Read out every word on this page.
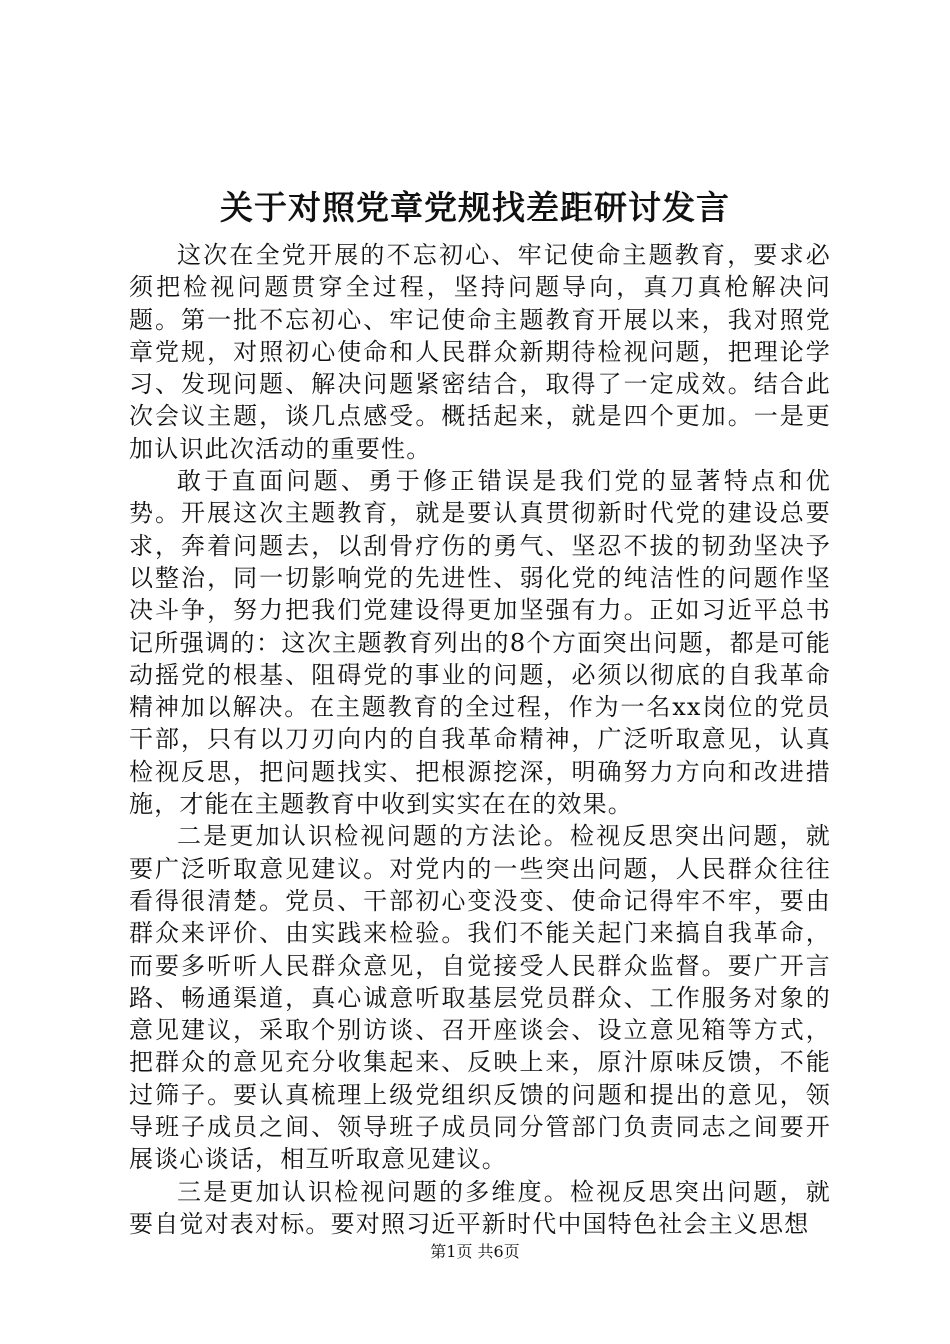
关于对照党章党规找差距研讨发言

这次在全党开展的不忘初心、牢记使命主题教育，要求必须把检视问题贯穿全过程，坚持问题导向，真刀真枪解决问题。第一批不忘初心、牢记使命主题教育开展以来，我对照党章党规，对照初心使命和人民群众新期待检视问题，把理论学习、发现问题、解决问题紧密结合，取得了一定成效。结合此次会议主题，谈几点感受。概括起来，就是四个更加。一是更加认识此次活动的重要性。

敢于直面问题、勇于修正错误是我们党的显著特点和优势。开展这次主题教育，就是要认真贯彻新时代党的建设总要求，奔着问题去，以刮骨疗伤的勇气、坚忍不拔的韧劲坚决予以整治，同一切影响党的先进性、弱化党的纯洁性的问题作坚决斗争，努力把我们党建设得更加坚强有力。正如习近平总书记所强调的：这次主题教育列出的8个方面突出问题，都是可能动摇党的根基、阻碍党的事业的问题，必须以彻底的自我革命精神加以解决。在主题教育的全过程，作为一名xx岗位的党员干部，只有以刀刃向内的自我革命精神，广泛听取意见，认真检视反思，把问题找实、把根源挖深，明确努力方向和改进措施，才能在主题教育中收到实实在在的效果。

二是更加认识检视问题的方法论。检视反思突出问题，就要广泛听取意见建议。对党内的一些突出问题，人民群众往往看得很清楚。党员、干部初心变没变、使命记得牢不牢，要由群众来评价、由实践来检验。我们不能关起门来搞自我革命，而要多听听人民群众意见，自觉接受人民群众监督。要广开言路、畅通渠道，真心诚意听取基层党员群众、工作服务对象的意见建议，采取个别访谈、召开座谈会、设立意见箱等方式，把群众的意见充分收集起来、反映上来，原汁原味反馈，不能过筛子。要认真梳理上级党组织反馈的问题和提出的意见，领导班子成员之间、领导班子成员同分管部门负责同志之间要开展谈心谈话，相互听取意见建议。

三是更加认识检视问题的多维度。检视反思突出问题，就要自觉对表对标。要对照习近平新时代中国特色社会主义思想

第1页 共6页
